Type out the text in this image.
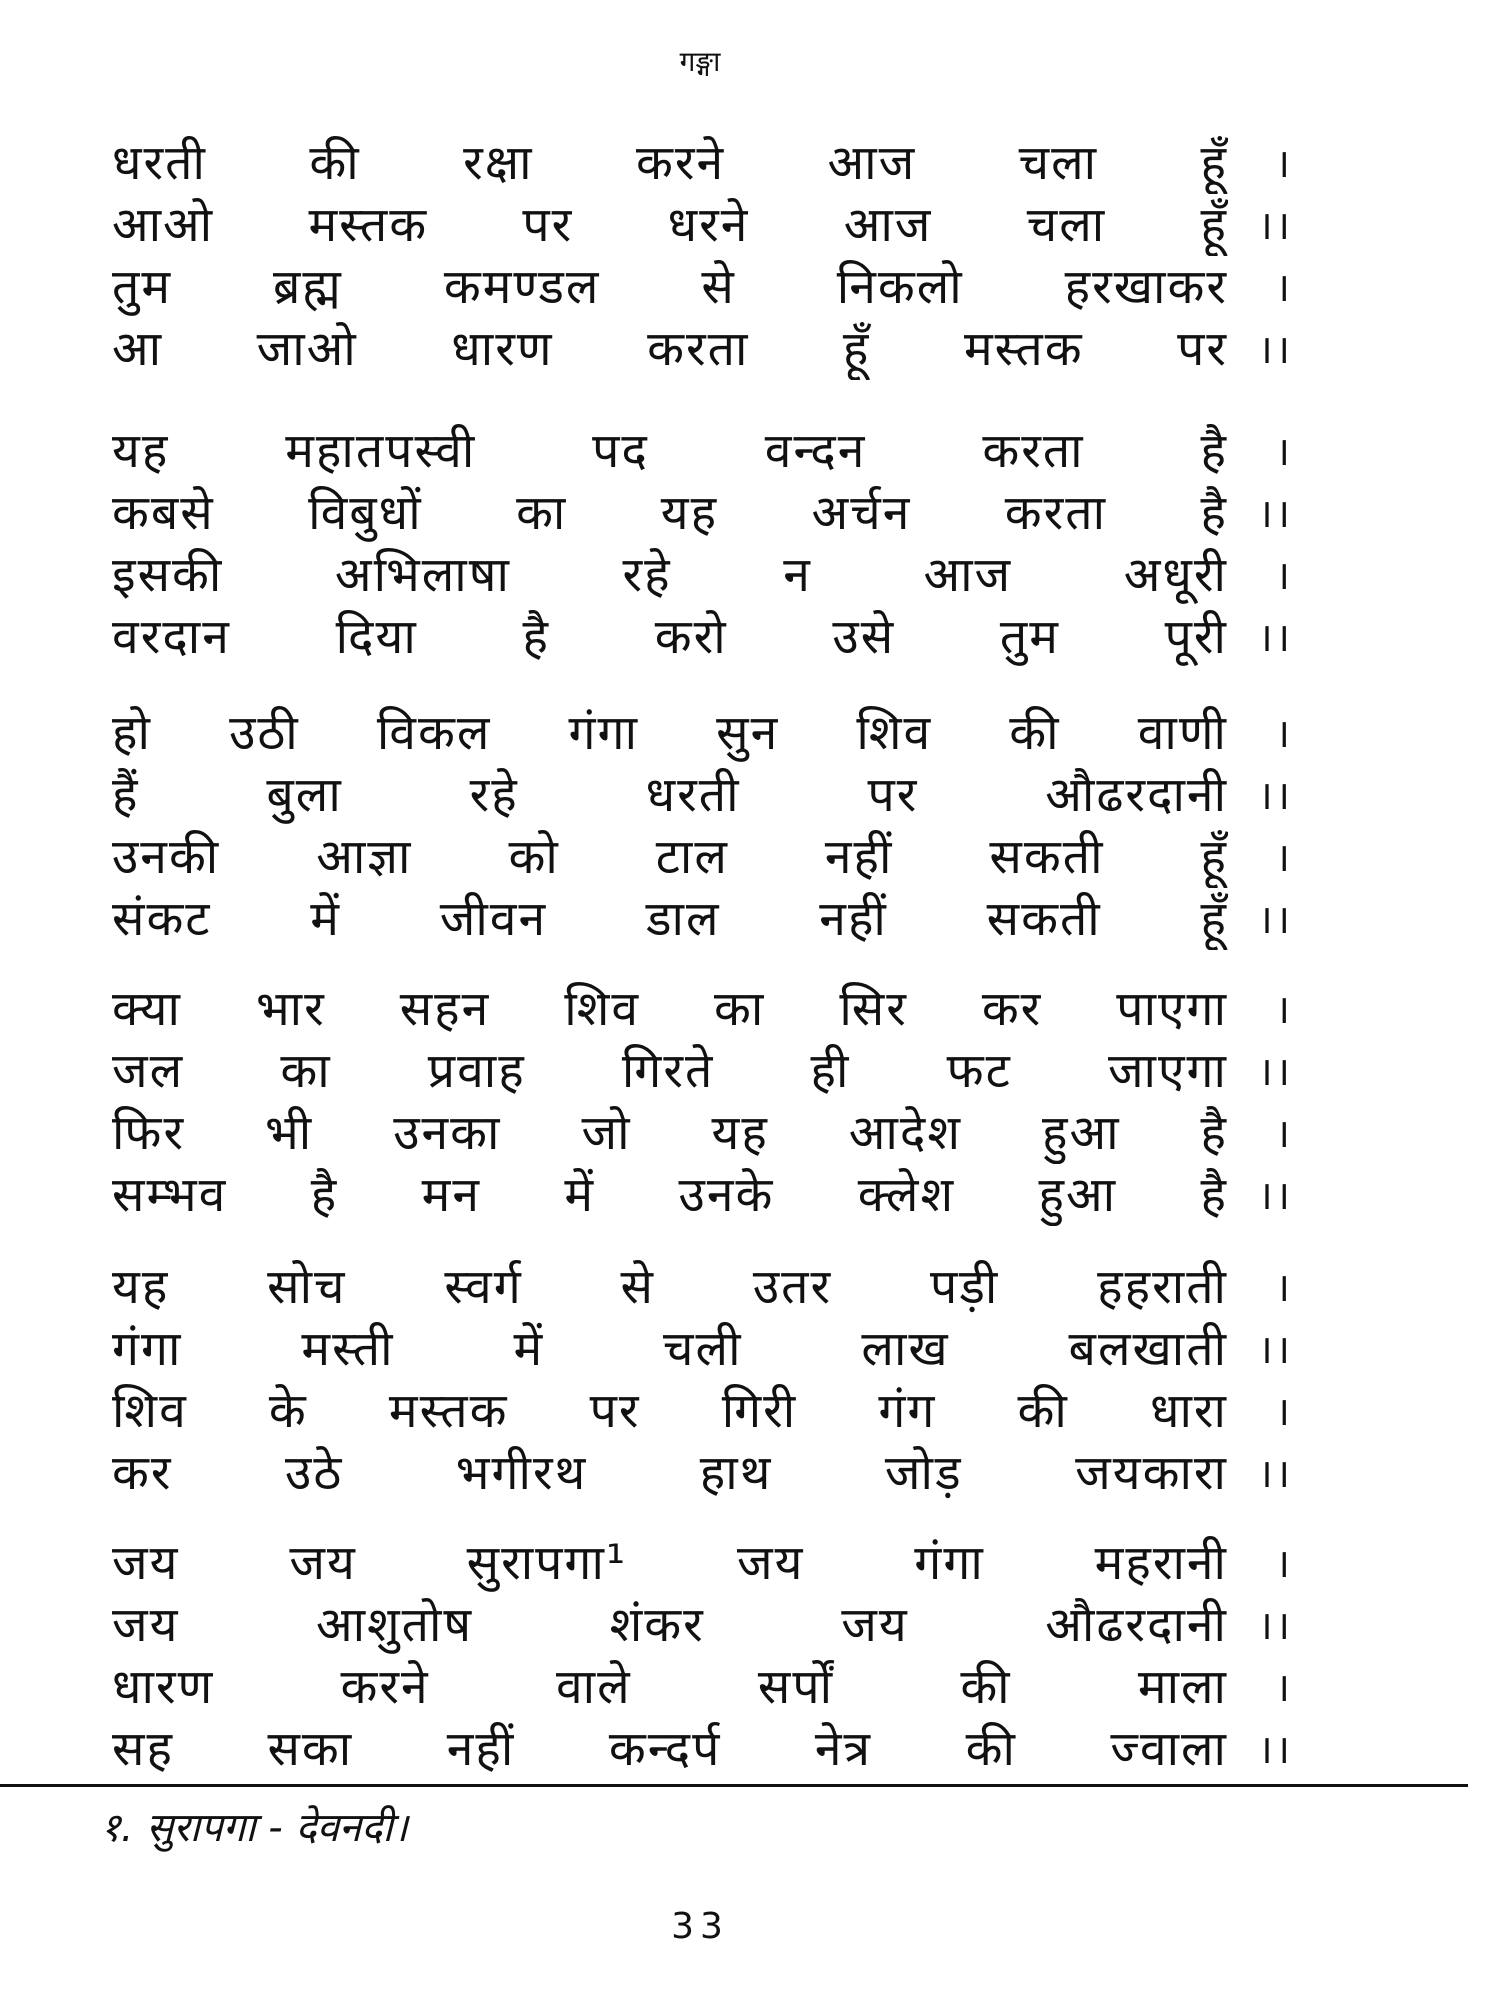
गङ्गा
धरती की रक्षा करने आज चला हूँ	।
आओ मस्तक पर धरने आज चला हूँ ।।
तुम ब्रह्म कमण्डल से निकलो हरखाकर	।
आ जाओ धारण करता हूँ मस्तक पर ।।
यह महातपस्वी पद वन्दन करता है	।
कबसे विबुधों का यह अर्चन करता है ।।
इसकी अभिलाषा रहे न आज अधूरी	।
वरदान दिया है करो उसे तुम पूरी ।।
हो उठी विकल गंगा सुन शिव की वाणी	।
हैं बुला रहे धरती पर औढरदानी ।।
उनकी आज्ञा को टाल नहीं सकती हूँ	।
संकट में जीवन डाल नहीं सकती हूँ ।।
क्या भार सहन शिव का सिर कर पाएगा	।
जल का प्रवाह गिरते ही फट जाएगा ।।
फिर भी उनका जो यह आदेश हुआ है	।
सम्भव है मन में उनके क्लेश हुआ है ।।
यह सोच स्वर्ग से उतर पड़ी हहराती	।
गंगा मस्ती में चली लाख बलखाती ।।
शिव के मस्तक पर गिरी गंग की धारा	।
कर उठे भगीरथ हाथ जोड़ जयकारा ।।
जय जय सुरापगा¹ जय गंगा महरानी	।
जय आशुतोष शंकर जय औढरदानी ।।
धारण करने वाले सर्पों की माला	।
सह सका नहीं कन्दर्प नेत्र की ज्वाला ।।
१. सुरापगा - देवनदी।
33
